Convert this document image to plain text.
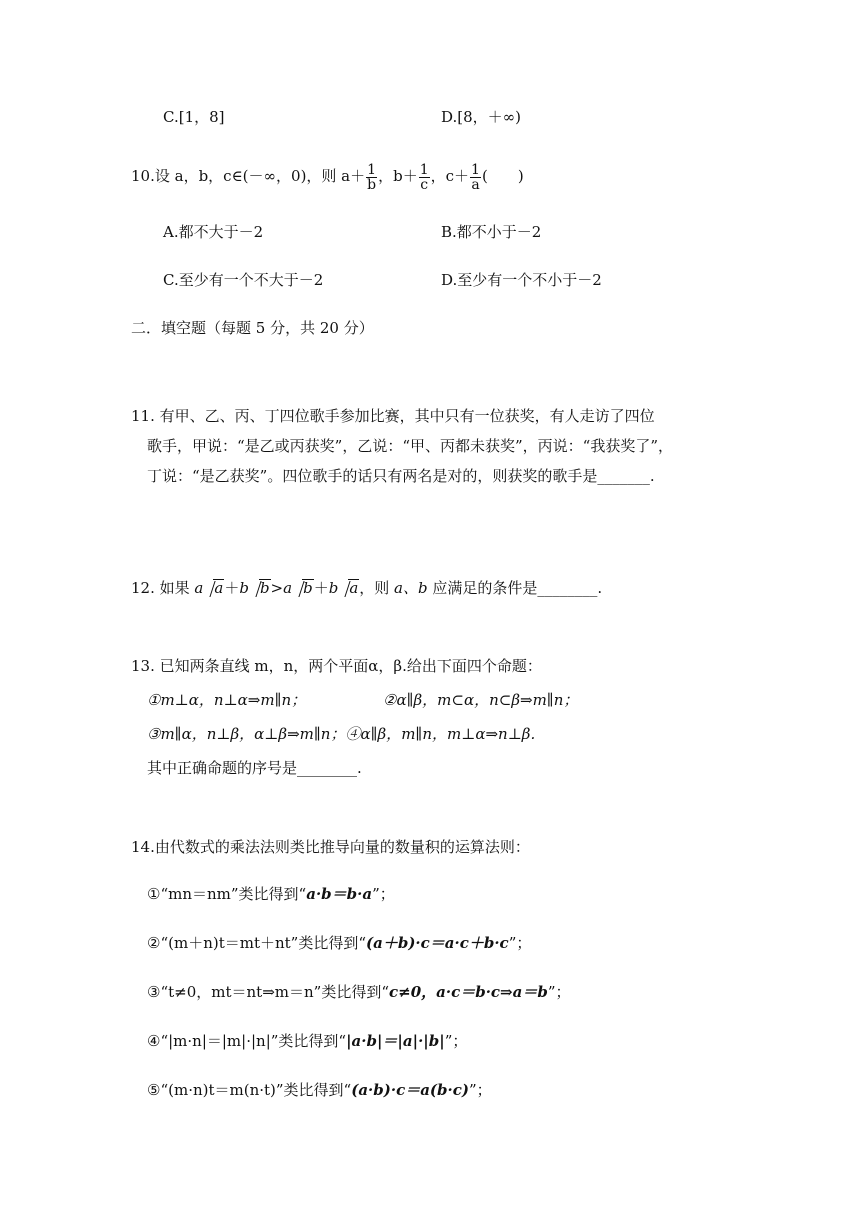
C.[1，8]	D.[8，＋∞)
10.设 a，b，c∈(－∞，0)，则 $a+ \frac{1}{b}$ ，$b+ \frac{1}{c}$ ，$c+ \frac{1}{a}$ (　　)
A.都不大于－2	B.都不小于－2
C.至少有一个不大于－2	D.至少有一个不小于－2
二．填空题（每题 5 分，共 20 分）
11. 有甲、乙、丙、丁四位歌手参加比赛，其中只有一位获奖，有人走访了四位
歌手，甲说：“是乙或丙获奖”，乙说：“甲、丙都未获奖”，丙说：“我获奖了”，
丁说：“是乙获奖”。四位歌手的话只有两名是对的，则获奖的歌手是_______.
12. 如果 a a＋b b>a b＋b a，则 a、b 应满足的条件是________.
13. 已知两条直线 m，n，两个平面α，β.给出下面四个命题：
①m⊥α，n⊥α⇒m∥n；	②α∥β，m⊂α，n⊂β⇒m∥n；
③m∥α，n⊥β，α⊥β⇒m∥n；④α∥β，m∥n，m⊥α⇒n⊥β.
其中正确命题的序号是________.
14.由代数式的乘法法则类比推导向量的数量积的运算法则：
①“mn＝nm”类比得到“a·b＝b·a”；
②“(m＋n)t＝mt＋nt”类比得到“(a＋b)·c＝a·c＋b·c”；
③“t≠0，mt＝nt⇒m＝n”类比得到“c≠0，a·c＝b·c⇒a＝b”；
④“|m·n|＝|m|·|n|”类比得到“|a·b|＝|a|·|b|”；
⑤“(m·n)t＝m(n·t)”类比得到“(a·b)·c＝a(b·c)”；
